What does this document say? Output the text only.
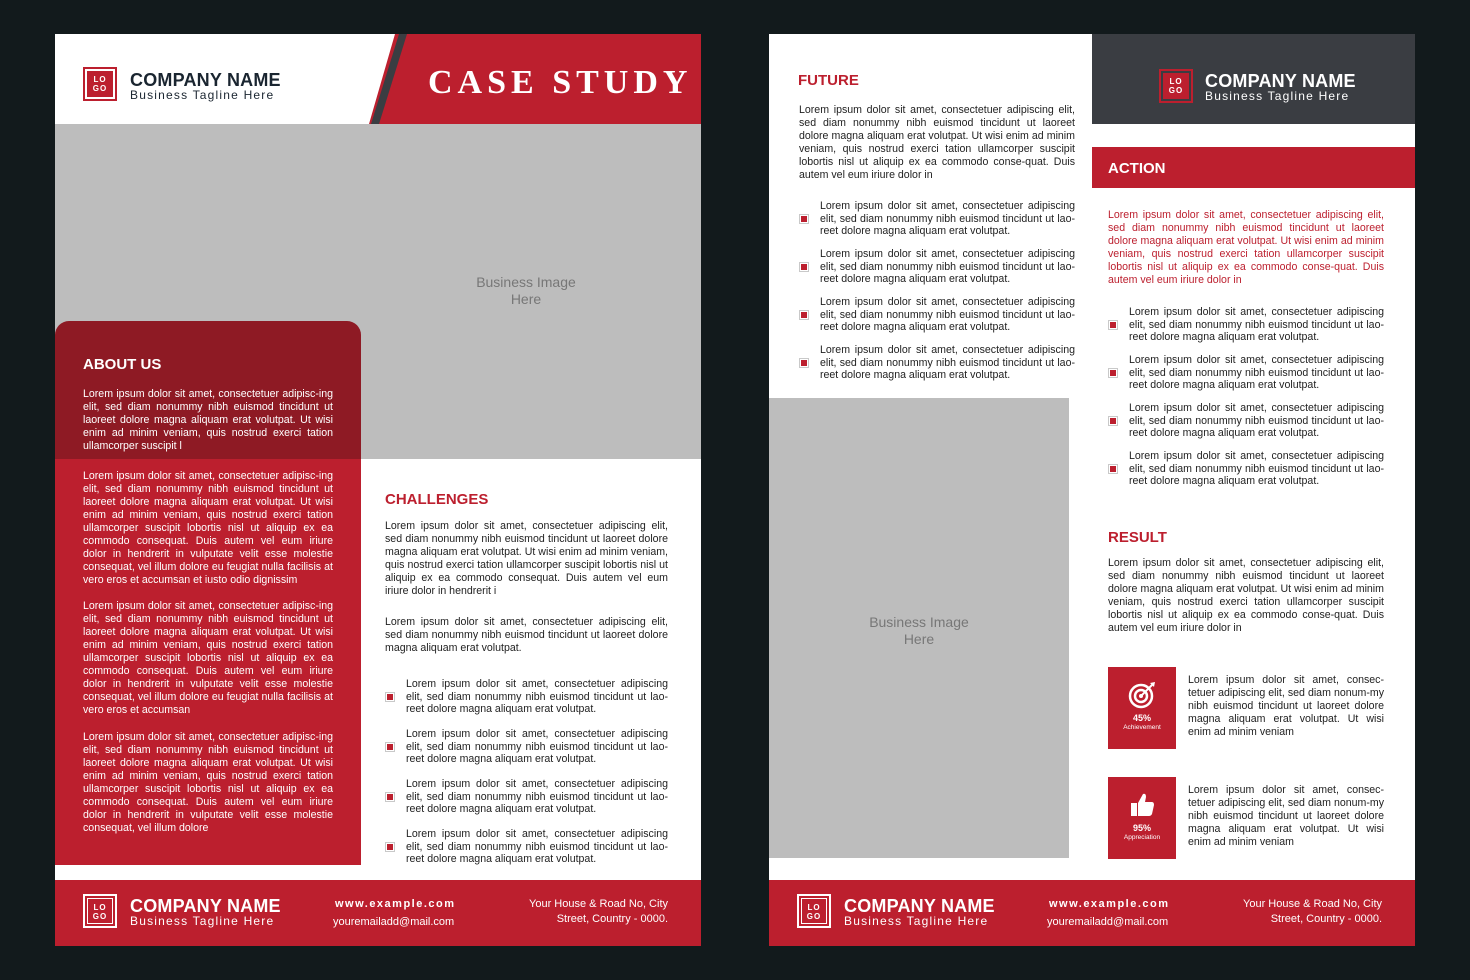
LO
GO	COMPANY NAME
Business Tagline Here	CASE STUDY
Business Image
Here
ABOUT US
Lorem ipsum dolor sit amet, consectetuer adipisc-ing elit, sed diam nonummy nibh euismod tincidunt ut laoreet dolore magna aliquam erat volutpat. Ut wisi enim ad minim veniam, quis nostrud exerci tation ullamcorper suscipit l
Lorem ipsum dolor sit amet, consectetuer adipisc-ing elit, sed diam nonummy nibh euismod tincidunt ut laoreet dolore magna aliquam erat volutpat. Ut wisi enim ad minim veniam, quis nostrud exerci tation ullamcorper suscipit lobortis nisl ut aliquip ex ea commodo consequat. Duis autem vel eum iriure dolor in hendrerit in vulputate velit esse molestie consequat, vel illum dolore eu feugiat nulla facilisis at vero eros et accumsan et iusto odio dignissim
Lorem ipsum dolor sit amet, consectetuer adipisc-ing elit, sed diam nonummy nibh euismod tincidunt ut laoreet dolore magna aliquam erat volutpat. Ut wisi enim ad minim veniam, quis nostrud exerci tation ullamcorper suscipit lobortis nisl ut aliquip ex ea commodo consequat. Duis autem vel eum iriure dolor in hendrerit in vulputate velit esse molestie consequat, vel illum dolore eu feugiat nulla facilisis at vero eros et accumsan
Lorem ipsum dolor sit amet, consectetuer adipisc-ing elit, sed diam nonummy nibh euismod tincidunt ut laoreet dolore magna aliquam erat volutpat. Ut wisi enim ad minim veniam, quis nostrud exerci tation ullamcorper suscipit lobortis nisl ut aliquip ex ea commodo consequat. Duis autem vel eum iriure dolor in hendrerit in vulputate velit esse molestie consequat, vel illum dolore
CHALLENGES
Lorem ipsum dolor sit amet, consectetuer adipiscing elit, sed diam nonummy nibh euismod tincidunt ut laoreet dolore magna aliquam erat volutpat. Ut wisi enim ad minim veniam, quis nostrud exerci tation ullamcorper suscipit lobortis nisl ut aliquip ex ea commodo consequat. Duis autem vel eum iriure dolor in hendrerit i
Lorem ipsum dolor sit amet, consectetuer adipiscing elit, sed diam nonummy nibh euismod tincidunt ut laoreet dolore magna aliquam erat volutpat.
Lorem ipsum dolor sit amet, consectetuer adipiscing elit, sed diam nonummy nibh euismod tincidunt ut lao-reet dolore magna aliquam erat volutpat.
Lorem ipsum dolor sit amet, consectetuer adipiscing elit, sed diam nonummy nibh euismod tincidunt ut lao-reet dolore magna aliquam erat volutpat.
Lorem ipsum dolor sit amet, consectetuer adipiscing elit, sed diam nonummy nibh euismod tincidunt ut lao-reet dolore magna aliquam erat volutpat.
Lorem ipsum dolor sit amet, consectetuer adipiscing elit, sed diam nonummy nibh euismod tincidunt ut lao-reet dolore magna aliquam erat volutpat.
LO
GO
COMPANY NAME
Business Tagline Here
www.example.com
youremailadd@mail.com
Your House & Road No, City
Street, Country - 0000.
FUTURE
Lorem ipsum dolor sit amet, consectetuer adipiscing elit, sed diam nonummy nibh euismod tincidunt ut laoreet dolore magna aliquam erat volutpat. Ut wisi enim ad minim veniam, quis nostrud exerci tation ullamcorper suscipit lobortis nisl ut aliquip ex ea commodo conse-quat. Duis autem vel eum iriure dolor in
Lorem ipsum dolor sit amet, consectetuer adipiscing elit, sed diam nonummy nibh euismod tincidunt ut lao-reet dolore magna aliquam erat volutpat.
Lorem ipsum dolor sit amet, consectetuer adipiscing elit, sed diam nonummy nibh euismod tincidunt ut lao-reet dolore magna aliquam erat volutpat.
Lorem ipsum dolor sit amet, consectetuer adipiscing elit, sed diam nonummy nibh euismod tincidunt ut lao-reet dolore magna aliquam erat volutpat.
Lorem ipsum dolor sit amet, consectetuer adipiscing elit, sed diam nonummy nibh euismod tincidunt ut lao-reet dolore magna aliquam erat volutpat.
Business Image
Here
LO
GO	COMPANY NAME
Business Tagline Here
ACTION
Lorem ipsum dolor sit amet, consectetuer adipiscing elit, sed diam nonummy nibh euismod tincidunt ut laoreet dolore magna aliquam erat volutpat. Ut wisi enim ad minim veniam, quis nostrud exerci tation ullamcorper suscipit lobortis nisl ut aliquip ex ea commodo conse-quat. Duis autem vel eum iriure dolor in
Lorem ipsum dolor sit amet, consectetuer adipiscing elit, sed diam nonummy nibh euismod tincidunt ut lao-reet dolore magna aliquam erat volutpat.
Lorem ipsum dolor sit amet, consectetuer adipiscing elit, sed diam nonummy nibh euismod tincidunt ut lao-reet dolore magna aliquam erat volutpat.
Lorem ipsum dolor sit amet, consectetuer adipiscing elit, sed diam nonummy nibh euismod tincidunt ut lao-reet dolore magna aliquam erat volutpat.
Lorem ipsum dolor sit amet, consectetuer adipiscing elit, sed diam nonummy nibh euismod tincidunt ut lao-reet dolore magna aliquam erat volutpat.
RESULT
Lorem ipsum dolor sit amet, consectetuer adipiscing elit, sed diam nonummy nibh euismod tincidunt ut laoreet dolore magna aliquam erat volutpat. Ut wisi enim ad minim veniam, quis nostrud exerci tation ullamcorper suscipit lobortis nisl ut aliquip ex ea commodo conse-quat. Duis autem vel eum iriure dolor in
45%
Achievement
Lorem ipsum dolor sit amet, consec-tetuer adipiscing elit, sed diam nonum-my nibh euismod tincidunt ut laoreet dolore magna aliquam erat volutpat. Ut wisi enim ad minim veniam
95%
Appreciation
Lorem ipsum dolor sit amet, consec-tetuer adipiscing elit, sed diam nonum-my nibh euismod tincidunt ut laoreet dolore magna aliquam erat volutpat. Ut wisi enim ad minim veniam
LO
GO
COMPANY NAME
Business Tagline Here
www.example.com
youremailadd@mail.com
Your House & Road No, City
Street, Country - 0000.
